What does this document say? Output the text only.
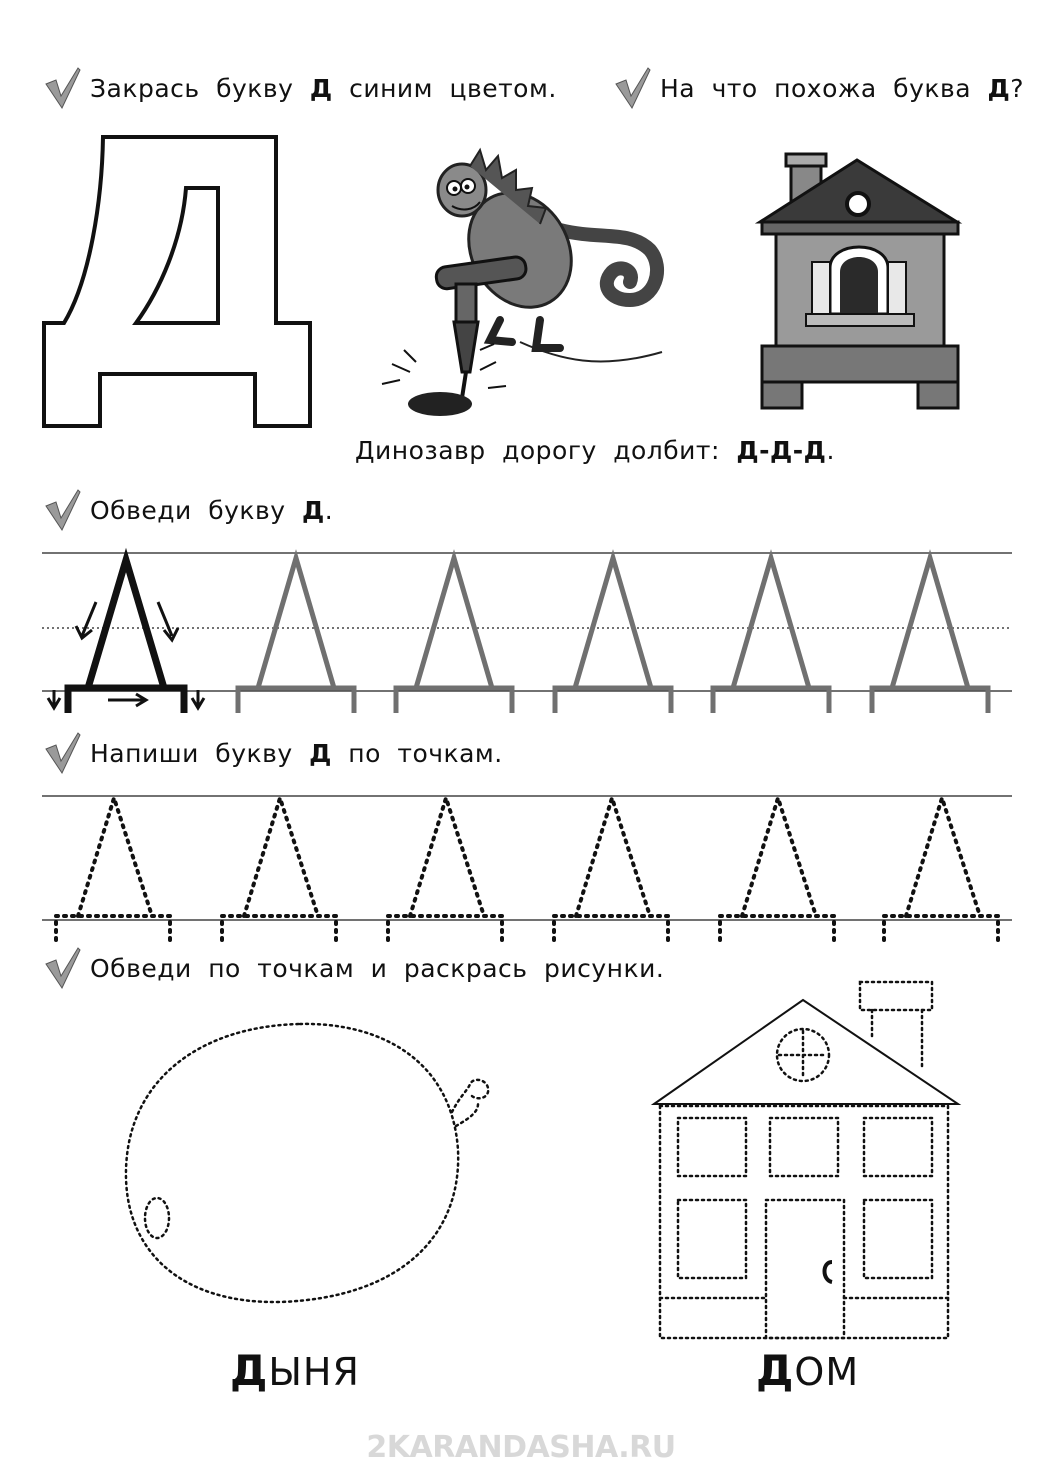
Закрась букву
Д
синим цветом.	На что похожа буква
Д ?
Обведи букву
Д .
Напиши букву
Д
по точкам.
Обведи по точкам и раскрась рисунки.
Динозавр дорогу долбит: Д-Д-Д.
ДЫНЯ	ДОМ
2KARANDASHA.RU
